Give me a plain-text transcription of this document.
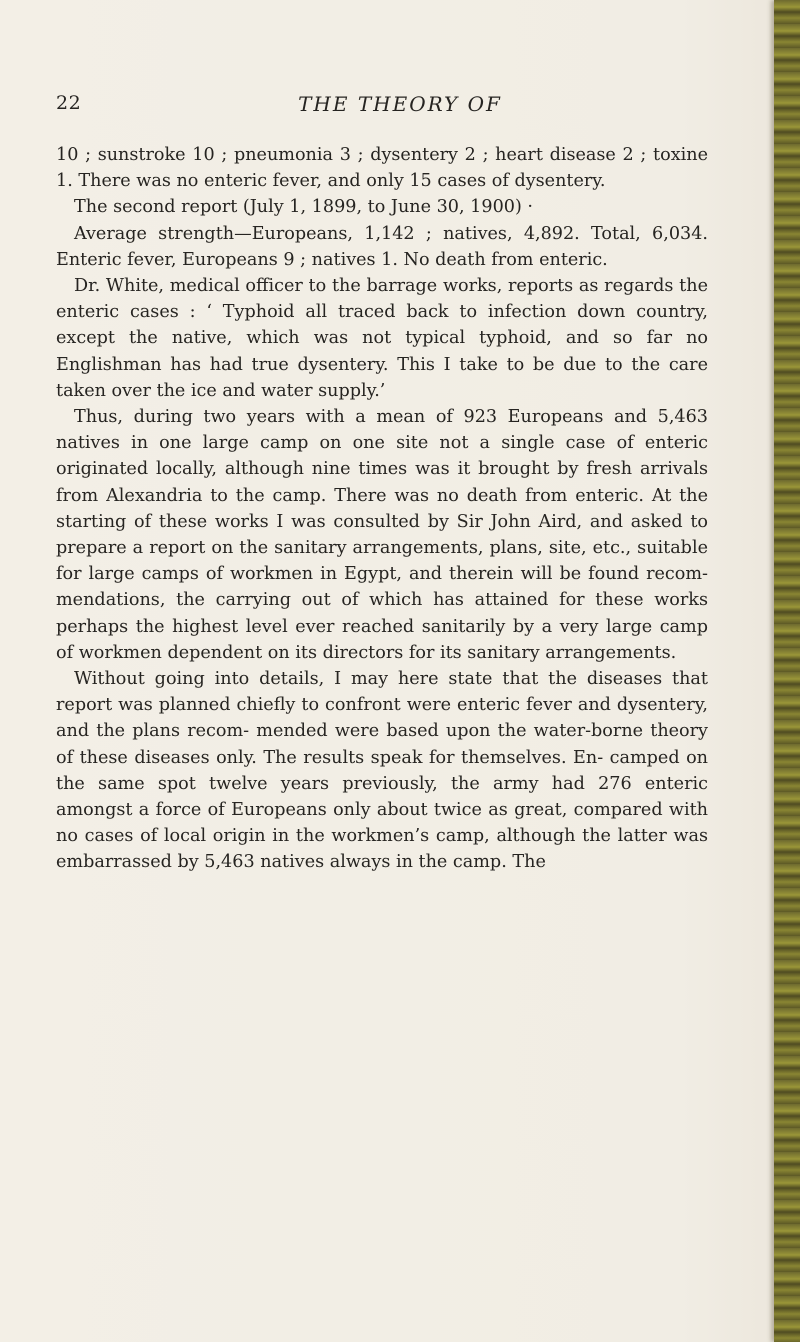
22	THE THEORY OF

10 ; sunstroke 10 ; pneumonia 3 ; dysentery 2 ; heart disease 2 ; toxine 1. There was no enteric fever, and only 15 cases of dysentery.

The second report (July 1, 1899, to June 30, 1900) ·

Average strength—Europeans, 1,142 ; natives, 4,892. Total, 6,034. Enteric fever, Europeans 9 ; natives 1. No death from enteric.

Dr. White, medical officer to the barrage works, reports as regards the enteric cases : ‘ Typhoid all traced back to infection down country, except the native, which was not typical typhoid, and so far no Englishman has had true dysentery. This I take to be due to the care taken over the ice and water supply.’

Thus, during two years with a mean of 923 Europeans and 5,463 natives in one large camp on one site not a single case of enteric originated locally, although nine times was it brought by fresh arrivals from Alexandria to the camp. There was no death from enteric. At the starting of these works I was consulted by Sir John Aird, and asked to prepare a report on the sanitary arrangements, plans, site, etc., suitable for large camps of workmen in Egypt, and therein will be found recom- mendations, the carrying out of which has attained for these works perhaps the highest level ever reached sanitarily by a very large camp of workmen dependent on its directors for its sanitary arrangements.

Without going into details, I may here state that the diseases that report was planned chiefly to confront were enteric fever and dysentery, and the plans recom- mended were based upon the water-borne theory of these diseases only. The results speak for themselves. En- camped on the same spot twelve years previously, the army had 276 enteric amongst a force of Europeans only about twice as great, compared with no cases of local origin in the workmen’s camp, although the latter was embarrassed by 5,463 natives always in the camp. The
